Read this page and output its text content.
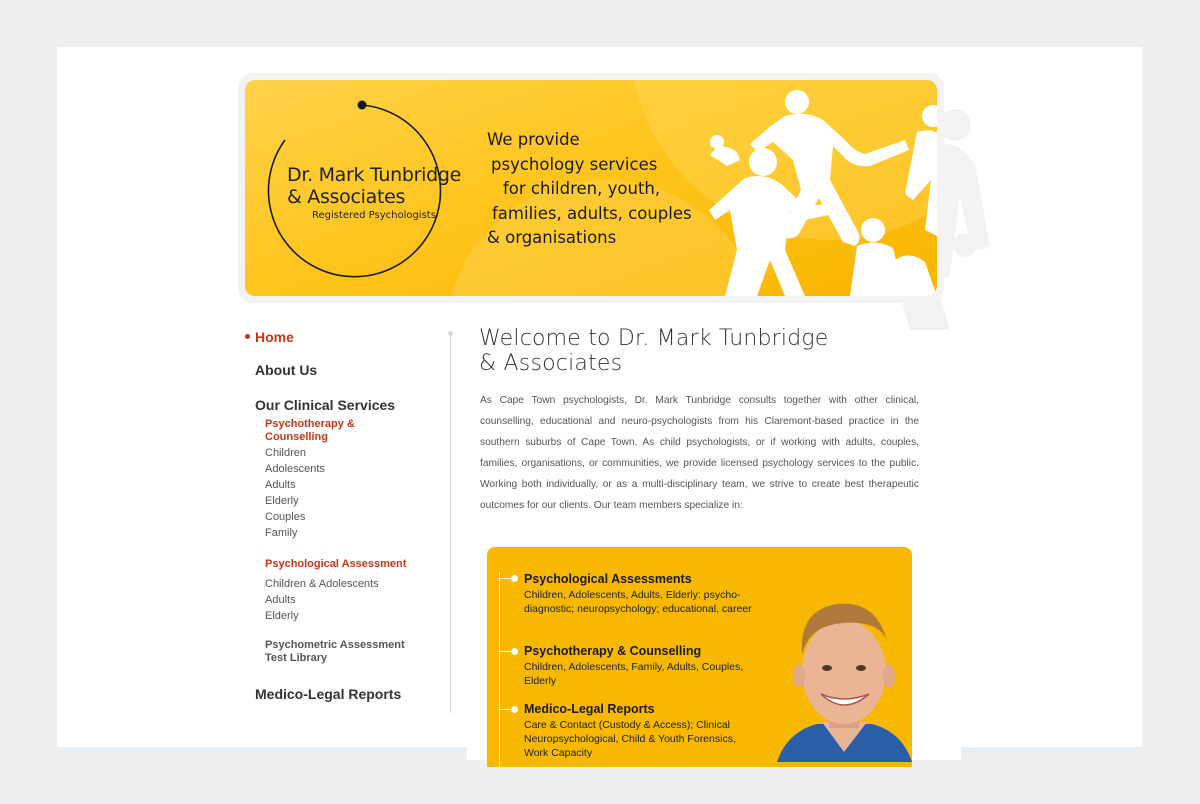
Dr. Mark Tunbridge
& Associates
Registered Psychologists
We provide
psychology services
for children, youth,
families, adults, couples
& organisations
Home
About Us
Our Clinical Services
Psychotherapy & Counselling
Children
Adolescents
Adults
Elderly
Couples
Family
Psychological Assessment
Children & Adolescents
Adults
Elderly
Psychometric Assessment Test Library
Medico-Legal Reports
Welcome to Dr. Mark Tunbridge
& Associates
As Cape Town psychologists, Dr. Mark Tunbridge consults together with other clinical, counselling, educational and neuro-psychologists from his Claremont-based practice in the southern suburbs of Cape Town. As child psychologists, or if working with adults, couples, families, organisations, or communities, we provide licensed psychology services to the public. Working both individually, or as a multi-disciplinary team, we strive to create best therapeutic outcomes for our clients. Our team members specialize in:
Psychological Assessments
Children, Adolescents, Adults, Elderly: psycho-diagnostic; neuropsychology; educational, career
Psychotherapy & Counselling
Children, Adolescents, Family, Adults, Couples, Elderly
Medico-Legal Reports
Care & Contact (Custody & Access); Clinical Neuropsychological, Child & Youth Forensics, Work Capacity
